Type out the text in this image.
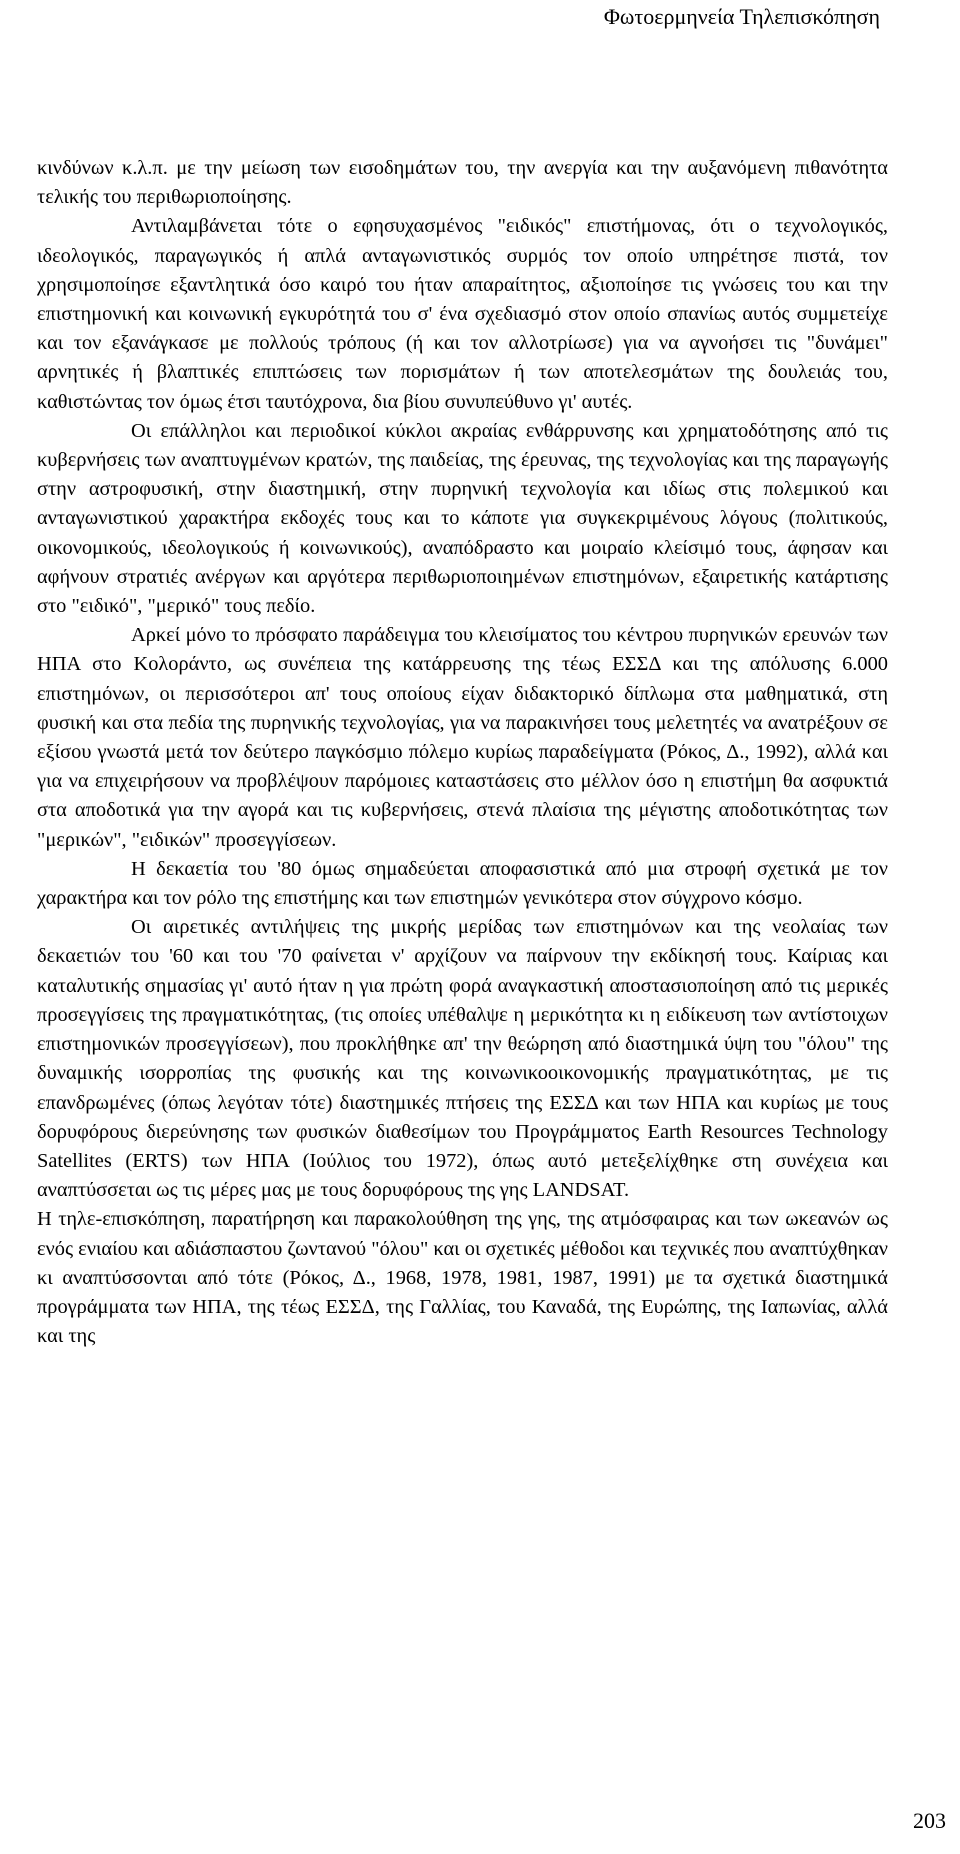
Φωτοερμηνεία Τηλεπισκόπηση

κινδύνων κ.λ.π. με την μείωση των εισοδημάτων του, την ανεργία και την αυξανόμενη πιθανότητα τελικής του περιθωριοποίησης.

Αντιλαμβάνεται τότε ο εφησυχασμένος "ειδικός" επιστήμονας, ότι ο τεχνολογικός, ιδεολογικός, παραγωγικός ή απλά ανταγωνιστικός συρμός τον οποίο υπηρέτησε πιστά, τον χρησιμοποίησε εξαντλητικά όσο καιρό του ήταν απαραίτητος, αξιοποίησε τις γνώσεις του και την επιστημονική και κοινωνική εγκυρότητά του σ' ένα σχεδιασμό στον οποίο σπανίως αυτός συμμετείχε και τον εξανάγκασε με πολλούς τρόπους (ή και τον αλλοτρίωσε) για να αγνοήσει τις "δυνάμει" αρνητικές ή βλαπτικές επιπτώσεις των πορισμάτων ή των αποτελεσμάτων της δουλειάς του, καθιστώντας τον όμως έτσι ταυτόχρονα, δια βίου συνυπεύθυνο γι' αυτές.

Οι επάλληλοι και περιοδικοί κύκλοι ακραίας ενθάρρυνσης και χρηματοδότησης από τις κυβερνήσεις των αναπτυγμένων κρατών, της παιδείας, της έρευνας, της τεχνολογίας και της παραγωγής στην αστροφυσική, στην διαστημική, στην πυρηνική τεχνολογία και ιδίως στις πολεμικού και ανταγωνιστικού χαρακτήρα εκδοχές τους και το κάποτε για συγκεκριμένους λόγους (πολιτικούς, οικονομικούς, ιδεολογικούς ή κοινωνικούς), αναπόδραστο και μοιραίο κλείσιμό τους, άφησαν και αφήνουν στρατιές ανέργων και αργότερα περιθωριοποιημένων επιστημόνων, εξαιρετικής κατάρτισης στο "ειδικό", "μερικό" τους πεδίο.

Αρκεί μόνο το πρόσφατο παράδειγμα του κλεισίματος του κέντρου πυρηνικών ερευνών των ΗΠΑ στο Κολοράντο, ως συνέπεια της κατάρρευσης της τέως ΕΣΣΔ και της απόλυσης 6.000 επιστημόνων, οι περισσότεροι απ' τους οποίους είχαν διδακτορικό δίπλωμα στα μαθηματικά, στη φυσική και στα πεδία της πυρηνικής τεχνολογίας, για να παρακινήσει τους μελετητές να ανατρέξουν σε εξίσου γνωστά μετά τον δεύτερο παγκόσμιο πόλεμο κυρίως παραδείγματα (Ρόκος, Δ., 1992), αλλά και για να επιχειρήσουν να προβλέψουν παρόμοιες καταστάσεις στο μέλλον όσο η επιστήμη θα ασφυκτιά στα αποδοτικά για την αγορά και τις κυβερνήσεις, στενά πλαίσια της μέγιστης αποδοτικότητας των "μερικών", "ειδικών" προσεγγίσεων.

Η δεκαετία του '80 όμως σημαδεύεται αποφασιστικά από μια στροφή σχετικά με τον χαρακτήρα και τον ρόλο της επιστήμης και των επιστημών γενικότερα στον σύγχρονο κόσμο.

Οι αιρετικές αντιλήψεις της μικρής μερίδας των επιστημόνων και της νεολαίας των δεκαετιών του '60 και του '70 φαίνεται ν' αρχίζουν να παίρνουν την εκδίκησή τους. Καίριας και καταλυτικής σημασίας γι' αυτό ήταν η για πρώτη φορά αναγκαστική αποστασιοποίηση από τις μερικές προσεγγίσεις της πραγματικότητας, (τις οποίες υπέθαλψε η μερικότητα κι η ειδίκευση των αντίστοιχων επιστημονικών προσεγγίσεων), που προκλήθηκε απ' την θεώρηση από διαστημικά ύψη του "όλου" της δυναμικής ισορροπίας της φυσικής και της κοινωνικοοικονομικής πραγματικότητας, με τις επανδρωμένες (όπως λεγόταν τότε) διαστημικές πτήσεις της ΕΣΣΔ και των ΗΠΑ και κυρίως με τους δορυφόρους διερεύνησης των φυσικών διαθεσίμων του Προγράμματος Earth Resources Technology Satellites (ERTS) των ΗΠΑ (Ιούλιος του 1972), όπως αυτό μετεξελίχθηκε στη συνέχεια και αναπτύσσεται ως τις μέρες μας με τους δορυφόρους της γης LANDSAT.

Η τηλε-επισκόπηση, παρατήρηση και παρακολούθηση της γης, της ατμόσφαιρας και των ωκεανών ως ενός ενιαίου και αδιάσπαστου ζωντανού "όλου" και οι σχετικές μέθοδοι και τεχνικές που αναπτύχθηκαν κι αναπτύσσονται από τότε (Ρόκος, Δ., 1968, 1978, 1981, 1987, 1991) με τα σχετικά διαστημικά προγράμματα των ΗΠΑ, της τέως ΕΣΣΔ, της Γαλλίας, του Καναδά, της Ευρώπης, της Ιαπωνίας, αλλά και της

203
